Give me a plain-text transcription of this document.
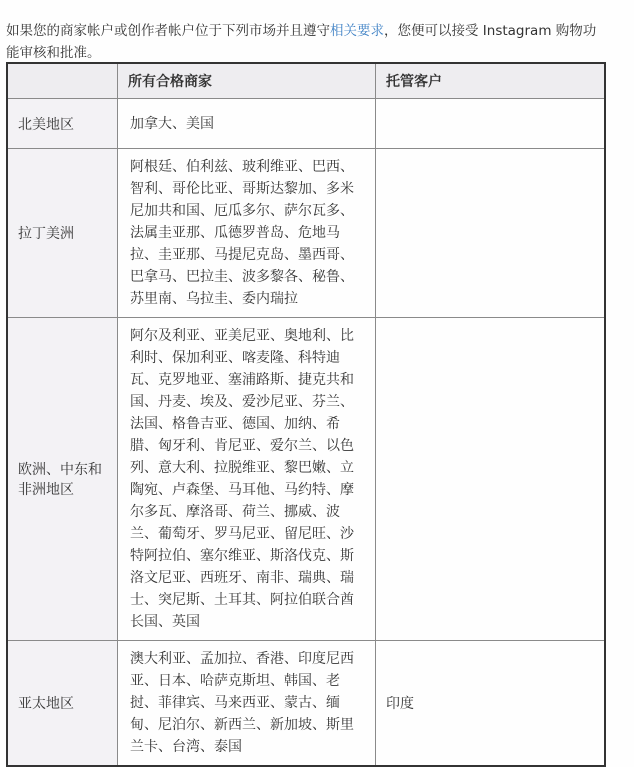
如果您的商家帐户或创作者帐户位于下列市场并且遵守相关要求，您便可以接受 Instagram 购物功能审核和批准。

	所有合格商家	托管客户
北美地区	加拿大、美国	
拉丁美洲	阿根廷、伯利兹、玻利维亚、巴西、智利、哥伦比亚、哥斯达黎加、多米尼加共和国、厄瓜多尔、萨尔瓦多、法属圭亚那、瓜德罗普岛、危地马拉、圭亚那、马提尼克岛、墨西哥、巴拿马、巴拉圭、波多黎各、秘鲁、苏里南、乌拉圭、委内瑞拉	
欧洲、中东和非洲地区	阿尔及利亚、亚美尼亚、奥地利、比利时、保加利亚、喀麦隆、科特迪瓦、克罗地亚、塞浦路斯、捷克共和国、丹麦、埃及、爱沙尼亚、芬兰、法国、格鲁吉亚、德国、加纳、希腊、匈牙利、肯尼亚、爱尔兰、以色列、意大利、拉脱维亚、黎巴嫩、立陶宛、卢森堡、马耳他、马约特、摩尔多瓦、摩洛哥、荷兰、挪威、波兰、葡萄牙、罗马尼亚、留尼旺、沙特阿拉伯、塞尔维亚、斯洛伐克、斯洛文尼亚、西班牙、南非、瑞典、瑞士、突尼斯、土耳其、阿拉伯联合酋长国、英国	
亚太地区	澳大利亚、孟加拉、香港、印度尼西亚、日本、哈萨克斯坦、韩国、老挝、菲律宾、马来西亚、蒙古、缅甸、尼泊尔、新西兰、新加坡、斯里兰卡、台湾、泰国	印度
